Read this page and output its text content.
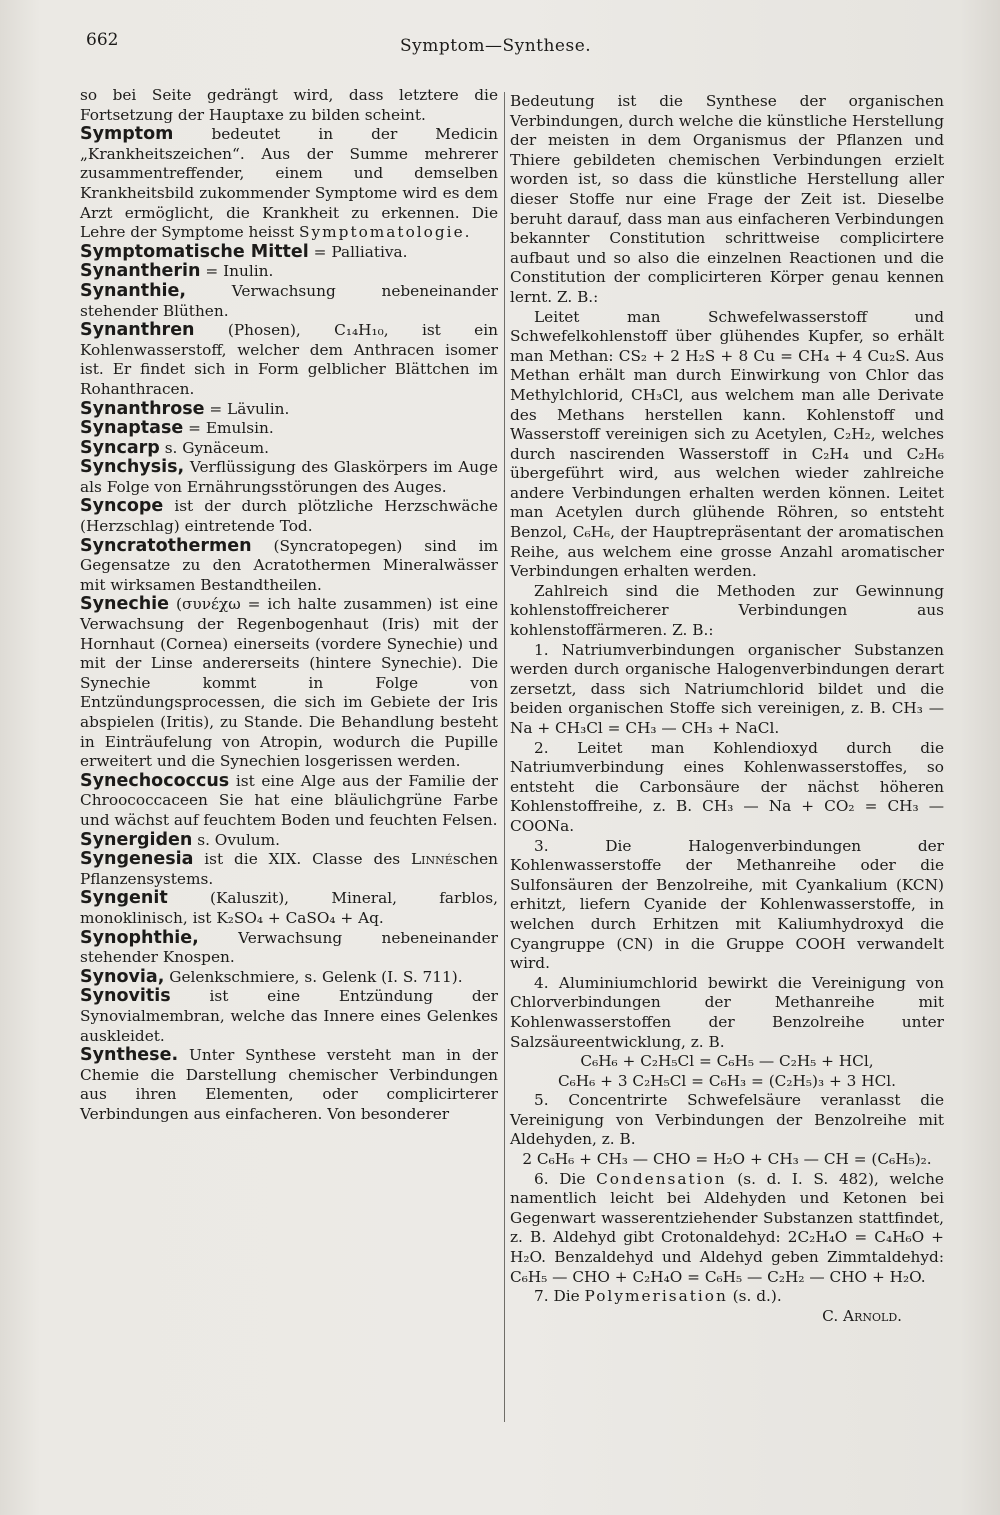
662	Symptom—Synthese.

so bei Seite gedrängt wird, dass letztere die Fortsetzung der Hauptaxe zu bilden scheint.

Symptom bedeutet in der Medicin „Krankheitszeichen“. Aus der Summe mehrerer zusammentreffender, einem und demselben Krankheitsbild zukommender Symptome wird es dem Arzt ermöglicht, die Krankheit zu erkennen. Die Lehre der Symptome heisst Symptomatologie.

Symptomatische Mittel = Palliativa.

Synantherin = Inulin.

Synanthie,	Verwachsung nebeneinander stehender Blüthen.

Synanthren (Phosen), C₁₄H₁₀, ist ein Kohlenwasserstoff, welcher dem Anthracen isomer ist. Er findet sich in Form gelblicher Blättchen im Rohanthracen.

Synanthrose = Lävulin.

Synaptase = Emulsin.

Syncarp s. Gynäceum.

Synchysis, Verflüssigung des Glaskörpers im Auge als Folge von Ernährungsstörungen des Auges.

Syncope ist der durch plötzliche Herzschwäche (Herzschlag) eintretende Tod.

Syncratothermen (Syncratopegen) sind im Gegensatze zu den Acratothermen Mineralwässer mit wirksamen Bestandtheilen.

Synechie (συνέχω = ich halte zusammen) ist eine Verwachsung der Regenbogenhaut (Iris) mit der Hornhaut (Cornea) einerseits (vordere Synechie) und mit der Linse andererseits (hintere Synechie). Die Synechie kommt in Folge von Entzündungsprocessen, die sich im Gebiete der Iris abspielen (Iritis), zu Stande. Die Behandlung besteht in Einträufelung von Atropin, wodurch die Pupille erweitert und die Synechien losgerissen werden.

Synechococcus ist eine Alge aus der Familie der Chroococcaceen Sie hat eine bläulichgrüne Farbe und wächst auf feuchtem Boden und feuchten Felsen.

Synergiden s. Ovulum.

Syngenesia ist die XIX. Classe des Linnéschen Pflanzensystems.

Syngenit	(Kaluszit), Mineral, farblos, monoklinisch, ist K₂SO₄ + CaSO₄ + Aq.

Synophthie,	Verwachsung nebeneinander stehender Knospen.

Synovia, Gelenkschmiere, s. Gelenk (I. S. 711).

Synovitis	ist eine Entzündung der Synovialmembran, welche das Innere eines Gelenkes auskleidet.

Synthese. Unter Synthese versteht man in der Chemie die Darstellung chemischer Verbindungen aus ihren Elementen, oder complicirterer Verbindungen aus einfacheren. Von besonderer

Bedeutung ist die Synthese der organischen Verbindungen, durch welche die künstliche Herstellung der meisten in dem Organismus der Pflanzen und Thiere gebildeten chemischen Verbindungen erzielt worden ist, so dass die künstliche Herstellung aller dieser Stoffe nur eine Frage der Zeit ist. Dieselbe beruht darauf, dass man aus einfacheren Verbindungen bekannter Constitution schrittweise complicirtere aufbaut und so also die einzelnen Reactionen und die Constitution der complicirteren Körper genau kennen lernt. Z. B.:

Leitet man Schwefelwasserstoff und Schwefelkohlenstoff über glühendes Kupfer, so erhält man Methan: CS₂ + 2 H₂S + 8 Cu = CH₄ + 4 Cu₂S. Aus Methan erhält man durch Einwirkung von Chlor das Methylchlorid, CH₃Cl, aus welchem man alle Derivate des Methans herstellen kann. Kohlenstoff und Wasserstoff vereinigen sich zu Acetylen, C₂H₂, welches durch nascirenden Wasserstoff in C₂H₄ und C₂H₆ übergeführt wird, aus welchen wieder zahlreiche andere Verbindungen erhalten werden können. Leitet man Acetylen durch glühende Röhren, so entsteht Benzol, C₆H₆, der Hauptrepräsentant der aromatischen Reihe, aus welchem eine grosse Anzahl aromatischer Verbindungen erhalten werden.

Zahlreich sind die Methoden zur Gewinnung kohlenstoffreicherer Verbindungen aus kohlenstoffärmeren. Z. B.:

1. Natriumverbindungen organischer Substanzen werden durch organische Halogenverbindungen derart zersetzt, dass sich Natriumchlorid bildet und die beiden organischen Stoffe sich vereinigen, z. B. CH₃ — Na + CH₃Cl = CH₃ — CH₃ + NaCl.

2. Leitet man Kohlendioxyd durch die Natriumverbindung eines Kohlenwasserstoffes, so entsteht die Carbonsäure der nächst höheren Kohlenstoffreihe, z. B. CH₃ — Na + CO₂ = CH₃ — COONa.

3. Die Halogenverbindungen der Kohlenwasserstoffe der Methanreihe oder die Sulfonsäuren der Benzolreihe, mit Cyankalium (KCN) erhitzt, liefern Cyanide der Kohlenwasserstoffe, in welchen durch Erhitzen mit Kaliumhydroxyd die Cyangruppe (CN) in die Gruppe COOH verwandelt wird.

4. Aluminiumchlorid bewirkt die Vereinigung von Chlorverbindungen der Methanreihe mit Kohlenwasserstoffen der Benzolreihe unter Salzsäureentwicklung, z. B.

C₆H₆ + C₂H₅Cl = C₆H₅ — C₂H₅ + HCl,

C₆H₆ + 3 C₂H₅Cl = C₆H₃ = (C₂H₅)₃ + 3 HCl.

5. Concentrirte Schwefelsäure veranlasst die Vereinigung von Verbindungen der Benzolreihe mit Aldehyden, z. B.

2 C₆H₆ + CH₃ — CHO = H₂O + CH₃ — CH = (C₆H₅)₂.

6. Die Condensation (s. d. I. S. 482), welche namentlich leicht bei Aldehyden und Ketonen bei Gegenwart wasserentziehender Substanzen stattfindet, z. B. Aldehyd gibt Crotonaldehyd: 2C₂H₄O = C₄H₆O + H₂O. Benzaldehyd und Aldehyd geben Zimmtaldehyd: C₆H₅ — CHO + C₂H₄O = C₆H₅ — C₂H₂ — CHO + H₂O.

7. Die Polymerisation (s. d.).

C. Arnold.
